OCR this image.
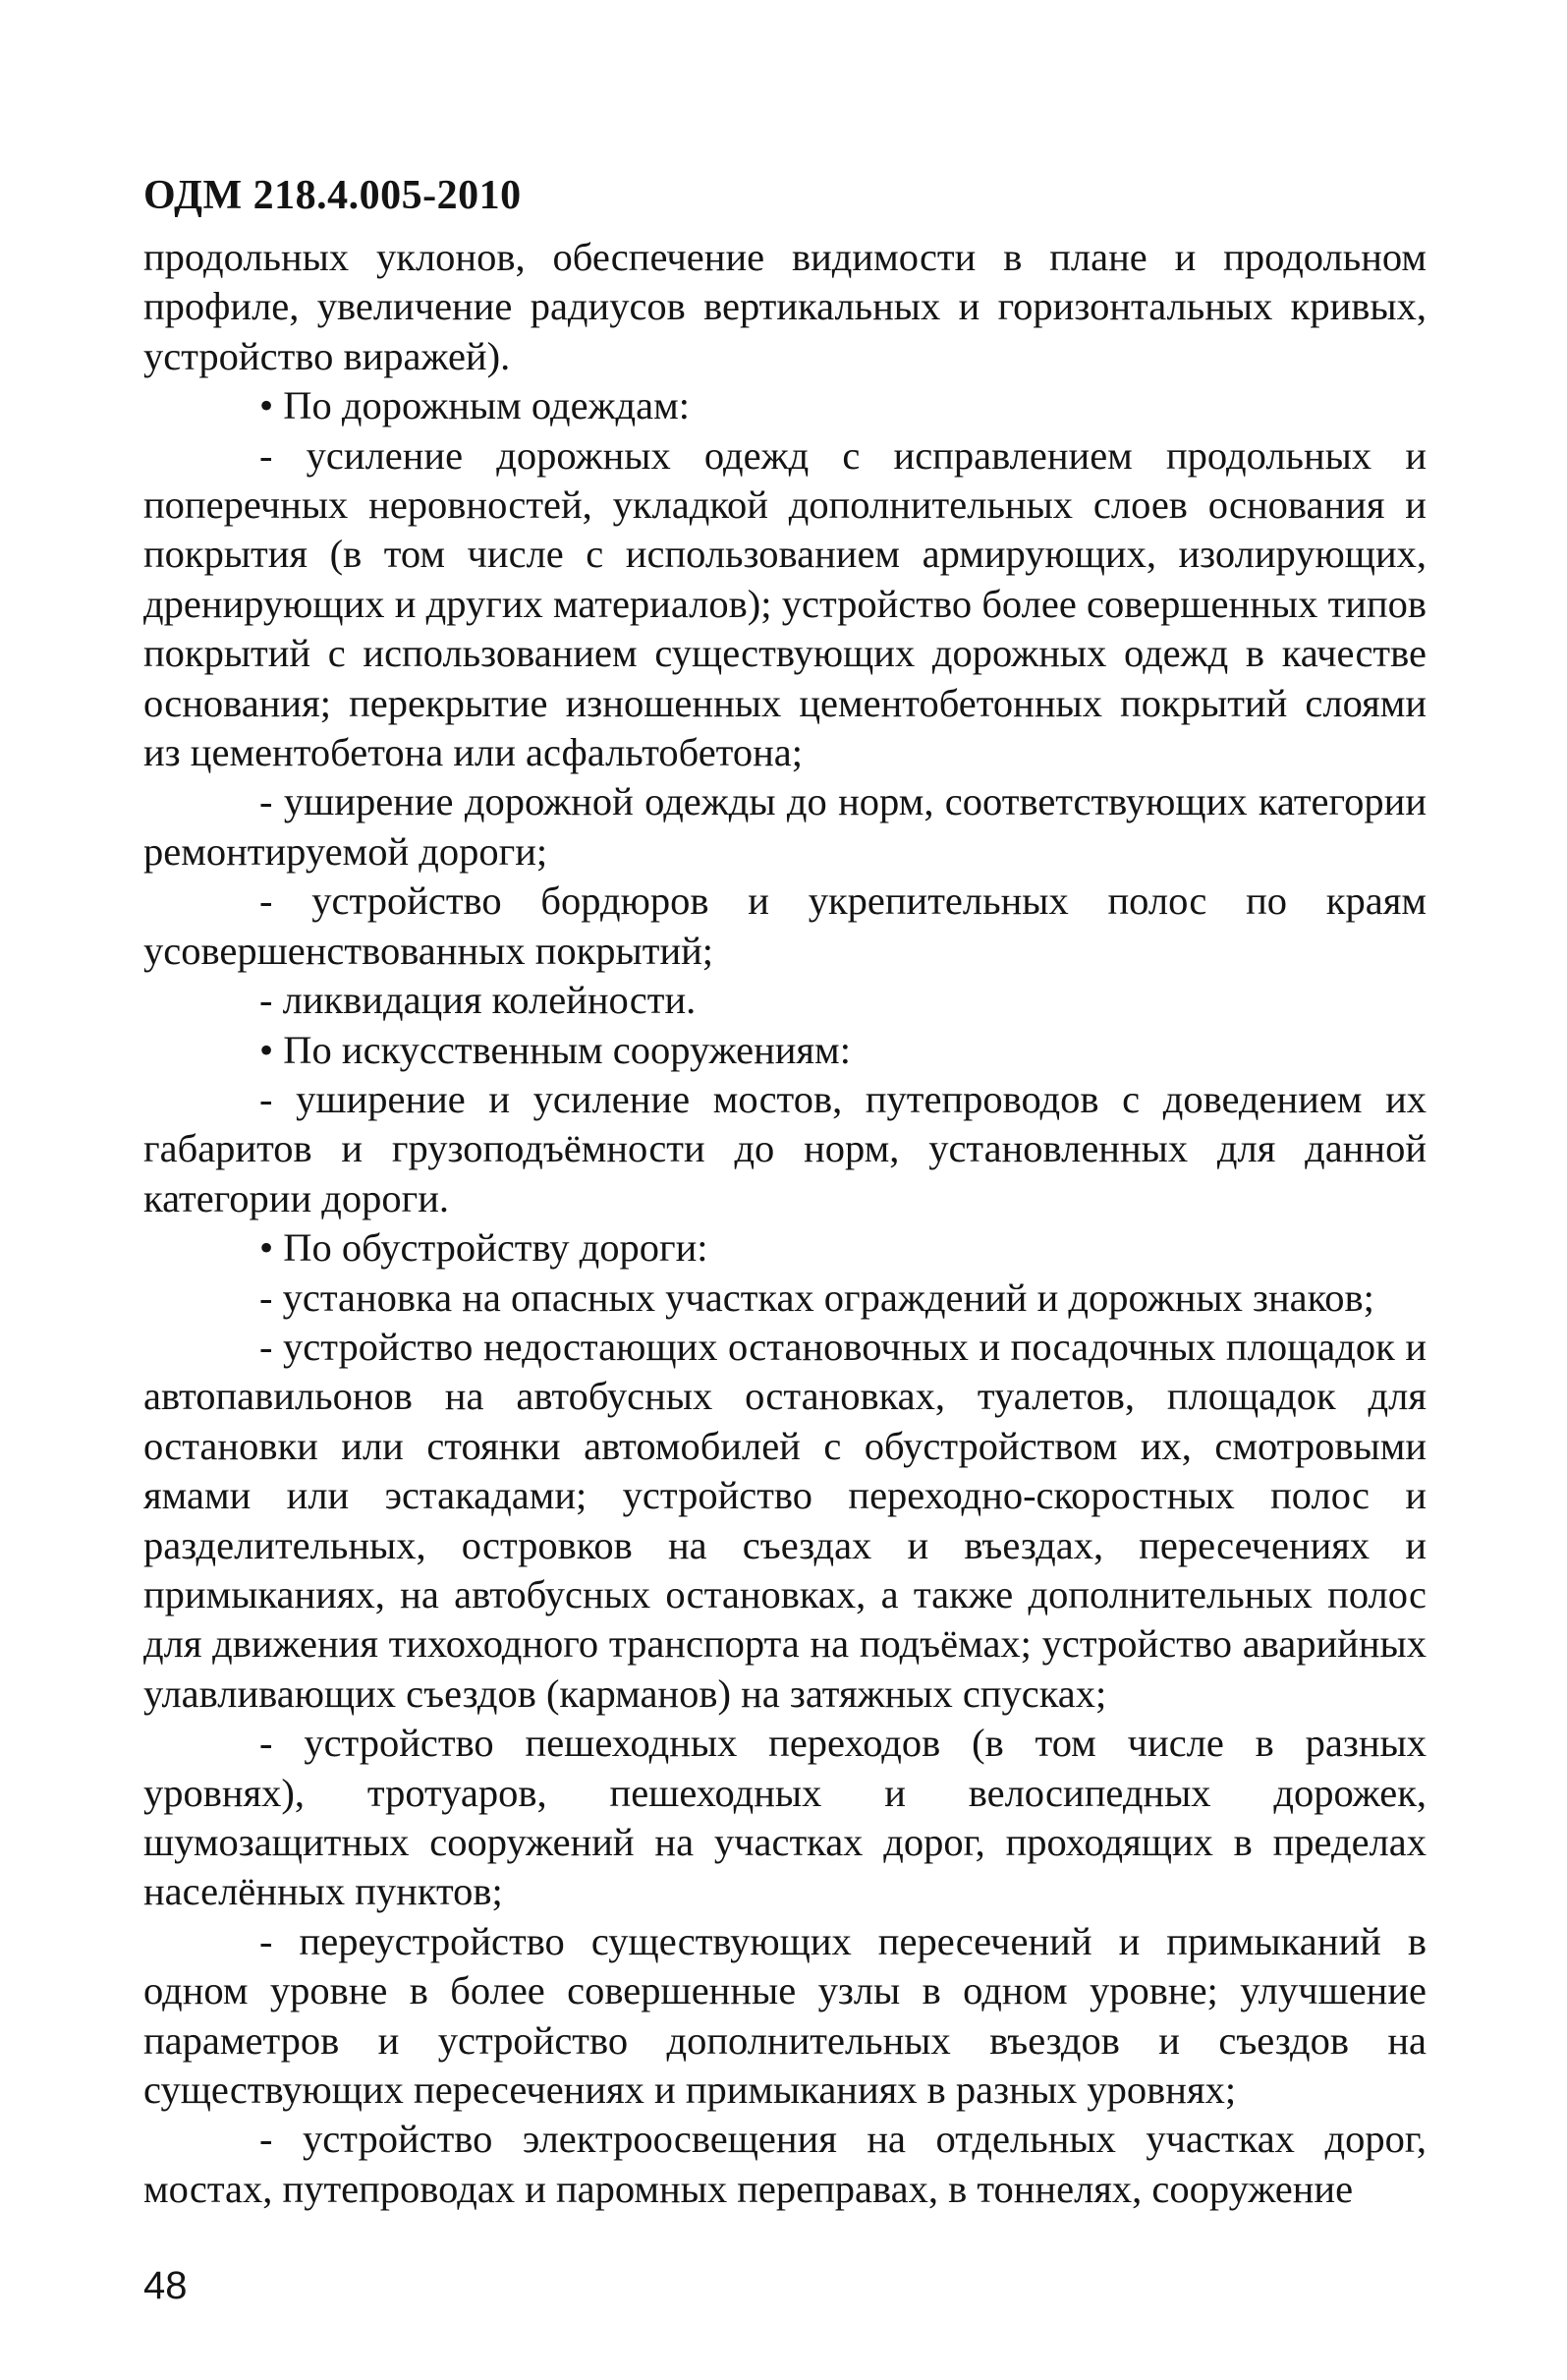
ОДМ 218.4.005-2010

продольных уклонов, обеспечение видимости в плане и продольном профиле, увеличение радиусов вертикальных и горизонтальных кривых, устройство виражей).

• По дорожным одеждам:

- усиление дорожных одежд с исправлением продольных и поперечных неровностей, укладкой дополнительных слоев основания и покрытия (в том числе с использованием армирующих, изолирующих, дренирующих и других материалов); устройство более совершенных типов покрытий с использованием существующих дорожных одежд в качестве основания; перекрытие изношенных цементобетонных покрытий слоями из цементобетона или асфальтобетона;

- уширение дорожной одежды до норм, соответствующих категории ремонтируемой дороги;

- устройство бордюров и укрепительных полос по краям усовершенствованных покрытий;

- ликвидация колейности.

• По искусственным сооружениям:

- уширение и усиление мостов, путепроводов с доведением их габаритов и грузоподъёмности до норм, установленных для данной категории дороги.

• По обустройству дороги:

- установка на опасных участках ограждений и дорожных знаков;

- устройство недостающих остановочных и посадочных площадок и автопавильонов на автобусных остановках, туалетов, площадок для остановки или стоянки автомобилей с обустройством их, смотровыми ямами или эстакадами; устройство переходно-скоростных полос и разделительных, островков на съездах и въездах, пересечениях и примыканиях, на автобусных остановках, а также дополнительных полос для движения тихоходного транспорта на подъёмах; устройство аварийных улавливающих съездов (карманов) на затяжных спусках;

- устройство пешеходных переходов (в том числе в разных уровнях), тротуаров, пешеходных и велосипедных дорожек, шумозащитных сооружений на участках дорог, проходящих в пределах населённых пунктов;

- переустройство существующих пересечений и примыканий в одном уровне в более совершенные узлы в одном уровне; улучшение параметров и устройство дополнительных въездов и съездов на существующих пересечениях и примыканиях в разных уровнях;

- устройство электроосвещения на отдельных участках дорог, мостах, путепроводах и паромных переправах, в тоннелях, сооружение

48
